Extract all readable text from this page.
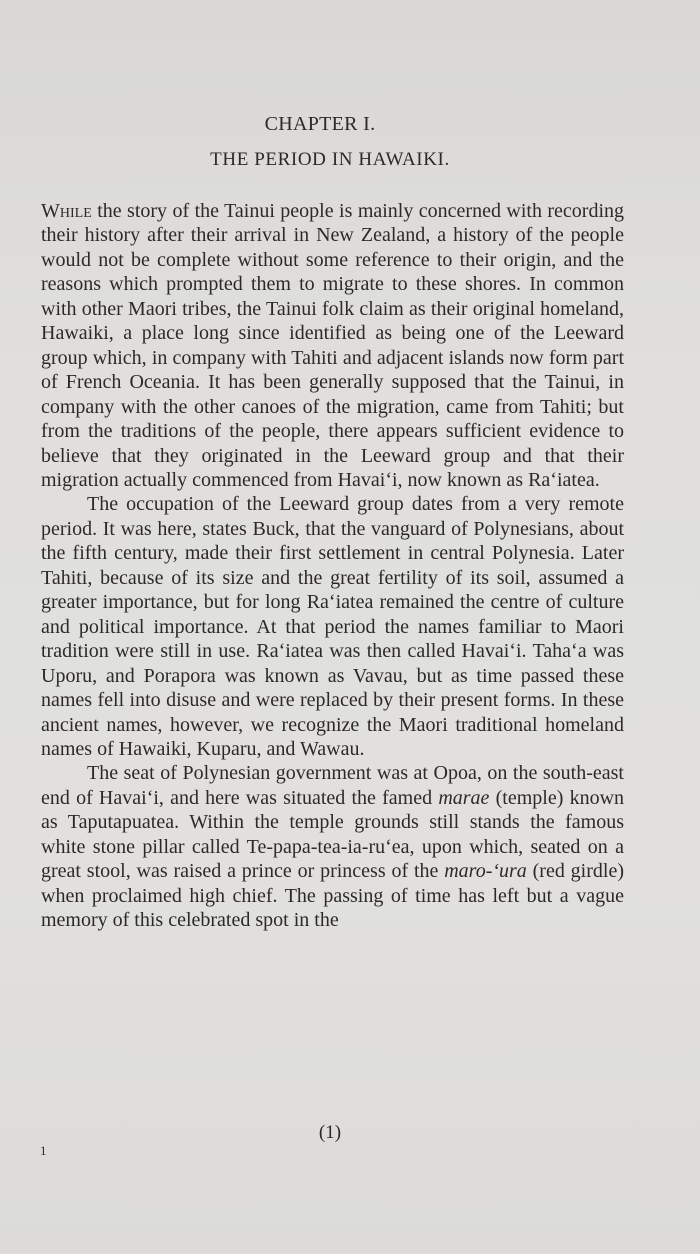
CHAPTER I.
THE PERIOD IN HAWAIKI.

While the story of the Tainui people is mainly concerned with recording their history after their arrival in New Zealand, a history of the people would not be complete without some reference to their origin, and the reasons which prompted them to migrate to these shores. In common with other Maori tribes, the Tainui folk claim as their original homeland, Hawaiki, a place long since identified as being one of the Leeward group which, in company with Tahiti and adjacent islands now form part of French Oceania. It has been generally supposed that the Tainui, in company with the other canoes of the migration, came from Tahiti; but from the traditions of the people, there appears sufficient evidence to believe that they originated in the Leeward group and that their migration actually commenced from Havai‘i, now known as Ra‘iatea.

The occupation of the Leeward group dates from a very remote period. It was here, states Buck, that the vanguard of Polynesians, about the fifth century, made their first settlement in central Polynesia. Later Tahiti, because of its size and the great fertility of its soil, assumed a greater importance, but for long Ra‘iatea remained the centre of culture and political importance. At that period the names familiar to Maori tradition were still in use. Ra‘iatea was then called Havai‘i. Taha‘a was Uporu, and Porapora was known as Vavau, but as time passed these names fell into disuse and were replaced by their present forms. In these ancient names, however, we recognize the Maori traditional homeland names of Hawaiki, Kuparu, and Wawau.

The seat of Polynesian government was at Opoa, on the south-east end of Havai‘i, and here was situated the famed marae (temple) known as Taputapuatea. Within the temple grounds still stands the famous white stone pillar called Te-papa-tea-ia-ru‘ea, upon which, seated on a great stool, was raised a prince or princess of the maro-‘ura (red girdle) when proclaimed high chief. The passing of time has left but a vague memory of this celebrated spot in the

(1)
1
